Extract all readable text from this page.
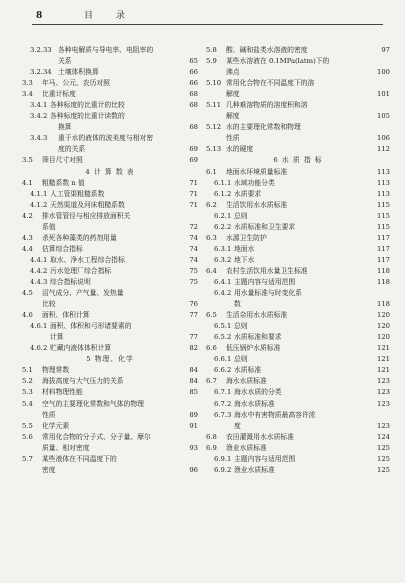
8	目 录
3.2.33 各种电解质与导电率、电阻率的
关系	65
3.2.34 土壤体积换算	66
3.3 年马、公元、农历对照	66
3.4 比重计标度	68
3.4.1 各种标度的比重计的比较	68
3.4.2 各种标度的比重计读数的
换算	68
3.4.3 重于水的液体的波美度与相对密
度的关系	69
3.5 筛目尺寸对照	69
4 计 算 数 表
4.1 粗糙系数 n 值	71
4.1.1 人工管渠粗糙系数	71
4.1.2 天然渠道及河床粗糙系数	71
4.2 排水管管径与相应排放面积关
系值	72
4.3 杀死各种藻类的药剂用量	74
4.4 估算综合指标	74
4.4.1 取水、净水工程综合指标	74
4.4.2 污水处理厂综合指标	75
4.4.3 综合指标说明	75
4.5 沼气成分、产气量、发热量
比较	76
4.6 面积、体积计算	77
4.6.1 面积、体积和弓形诸要素的
计算	77
4.6.2 贮藏内液体体积计算	82
5 物理、化学
5.1 物理常数	84
5.2 海拔高度与大气压力的关系	84
5.3 材料物理性能	85
5.4 空气的主要理化常数和气体的物理
性质	89
5.5 化学元素	91
5.6 常用化合物的分子式、分子量、摩尔
质量、相对密度	93
5.7 某些液体在不同温度下的
密度	96
5.8 酸、碱和盐类水溶液的密度	97
5.9 某些水溶液在 0.1MPa(latm)下的
沸点	100
5.10 常用化合物在不同温度下的溶
解度	101
5.11 几种难溶物质的溶度积和溶
解度	105
5.12 水的主要理化常数和物理
性质	106
5.13 水的硬度	112
6 水 质 指 标
6.1 地面水环境质量标准	113
6.1.1 水域功能分类	113
6.1.2 水质要求	113
6.2 生活饮用水水质标准	115
6.2.1 总则	115
6.2.2 水质标准和卫生要求	115
6.3 水源卫生防护	117
6.3.1 地面水	117
6.3.2 地下水	117
6.4 农村生活饮用水量卫生标准	118
6.4.1 主题内容与适用范围	118
6.4.2 用水量标准与时变化系
数	118
6.5 生活杂用水水质标准	120
6.5.1 总则	120
6.5.2 水质标准和要求	120
6.6 低压锅炉水质标准	121
6.6.1 总则	121
6.6.2 水质标准	121
6.7 海水水质标准	123
6.7.1 海水水质的分类	123
6.7.2 海水水质标准	123
6.7.3 海水中有害物质最高容许浓
度	123
6.8 农田灌溉用水水质标准	124
6.9 渔业水质标准	125
6.9.1 主题内容与适用范围	125
6.9.2 渔业水质标准	125
